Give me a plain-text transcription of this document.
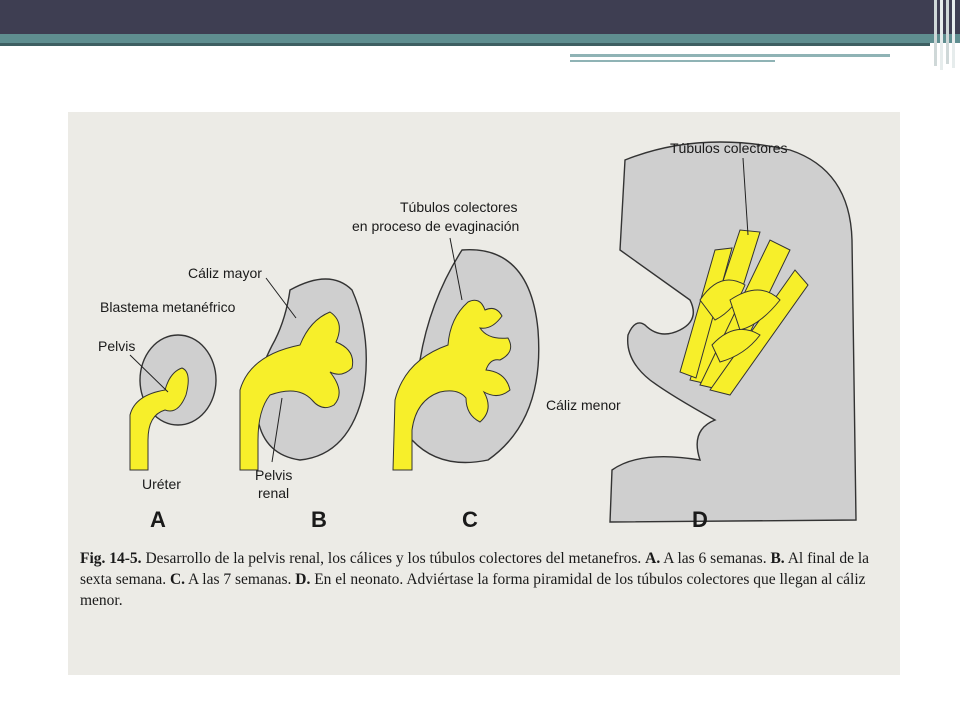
Túbulos colectores
Túbulos colectores
en proceso de evaginación
Cáliz mayor
Blastema metanéfrico
Pelvis
Uréter
Pelvis
renal
Cáliz menor
A	B	C	D

Fig. 14-5. Desarrollo de la pelvis renal, los cálices y los túbulos colectores del metanefros. A. A las 6 semanas. B. Al final de la sexta semana. C. A las 7 semanas. D. En el neonato. Adviértase la forma piramidal de los túbulos colectores que llegan al cáliz menor.
